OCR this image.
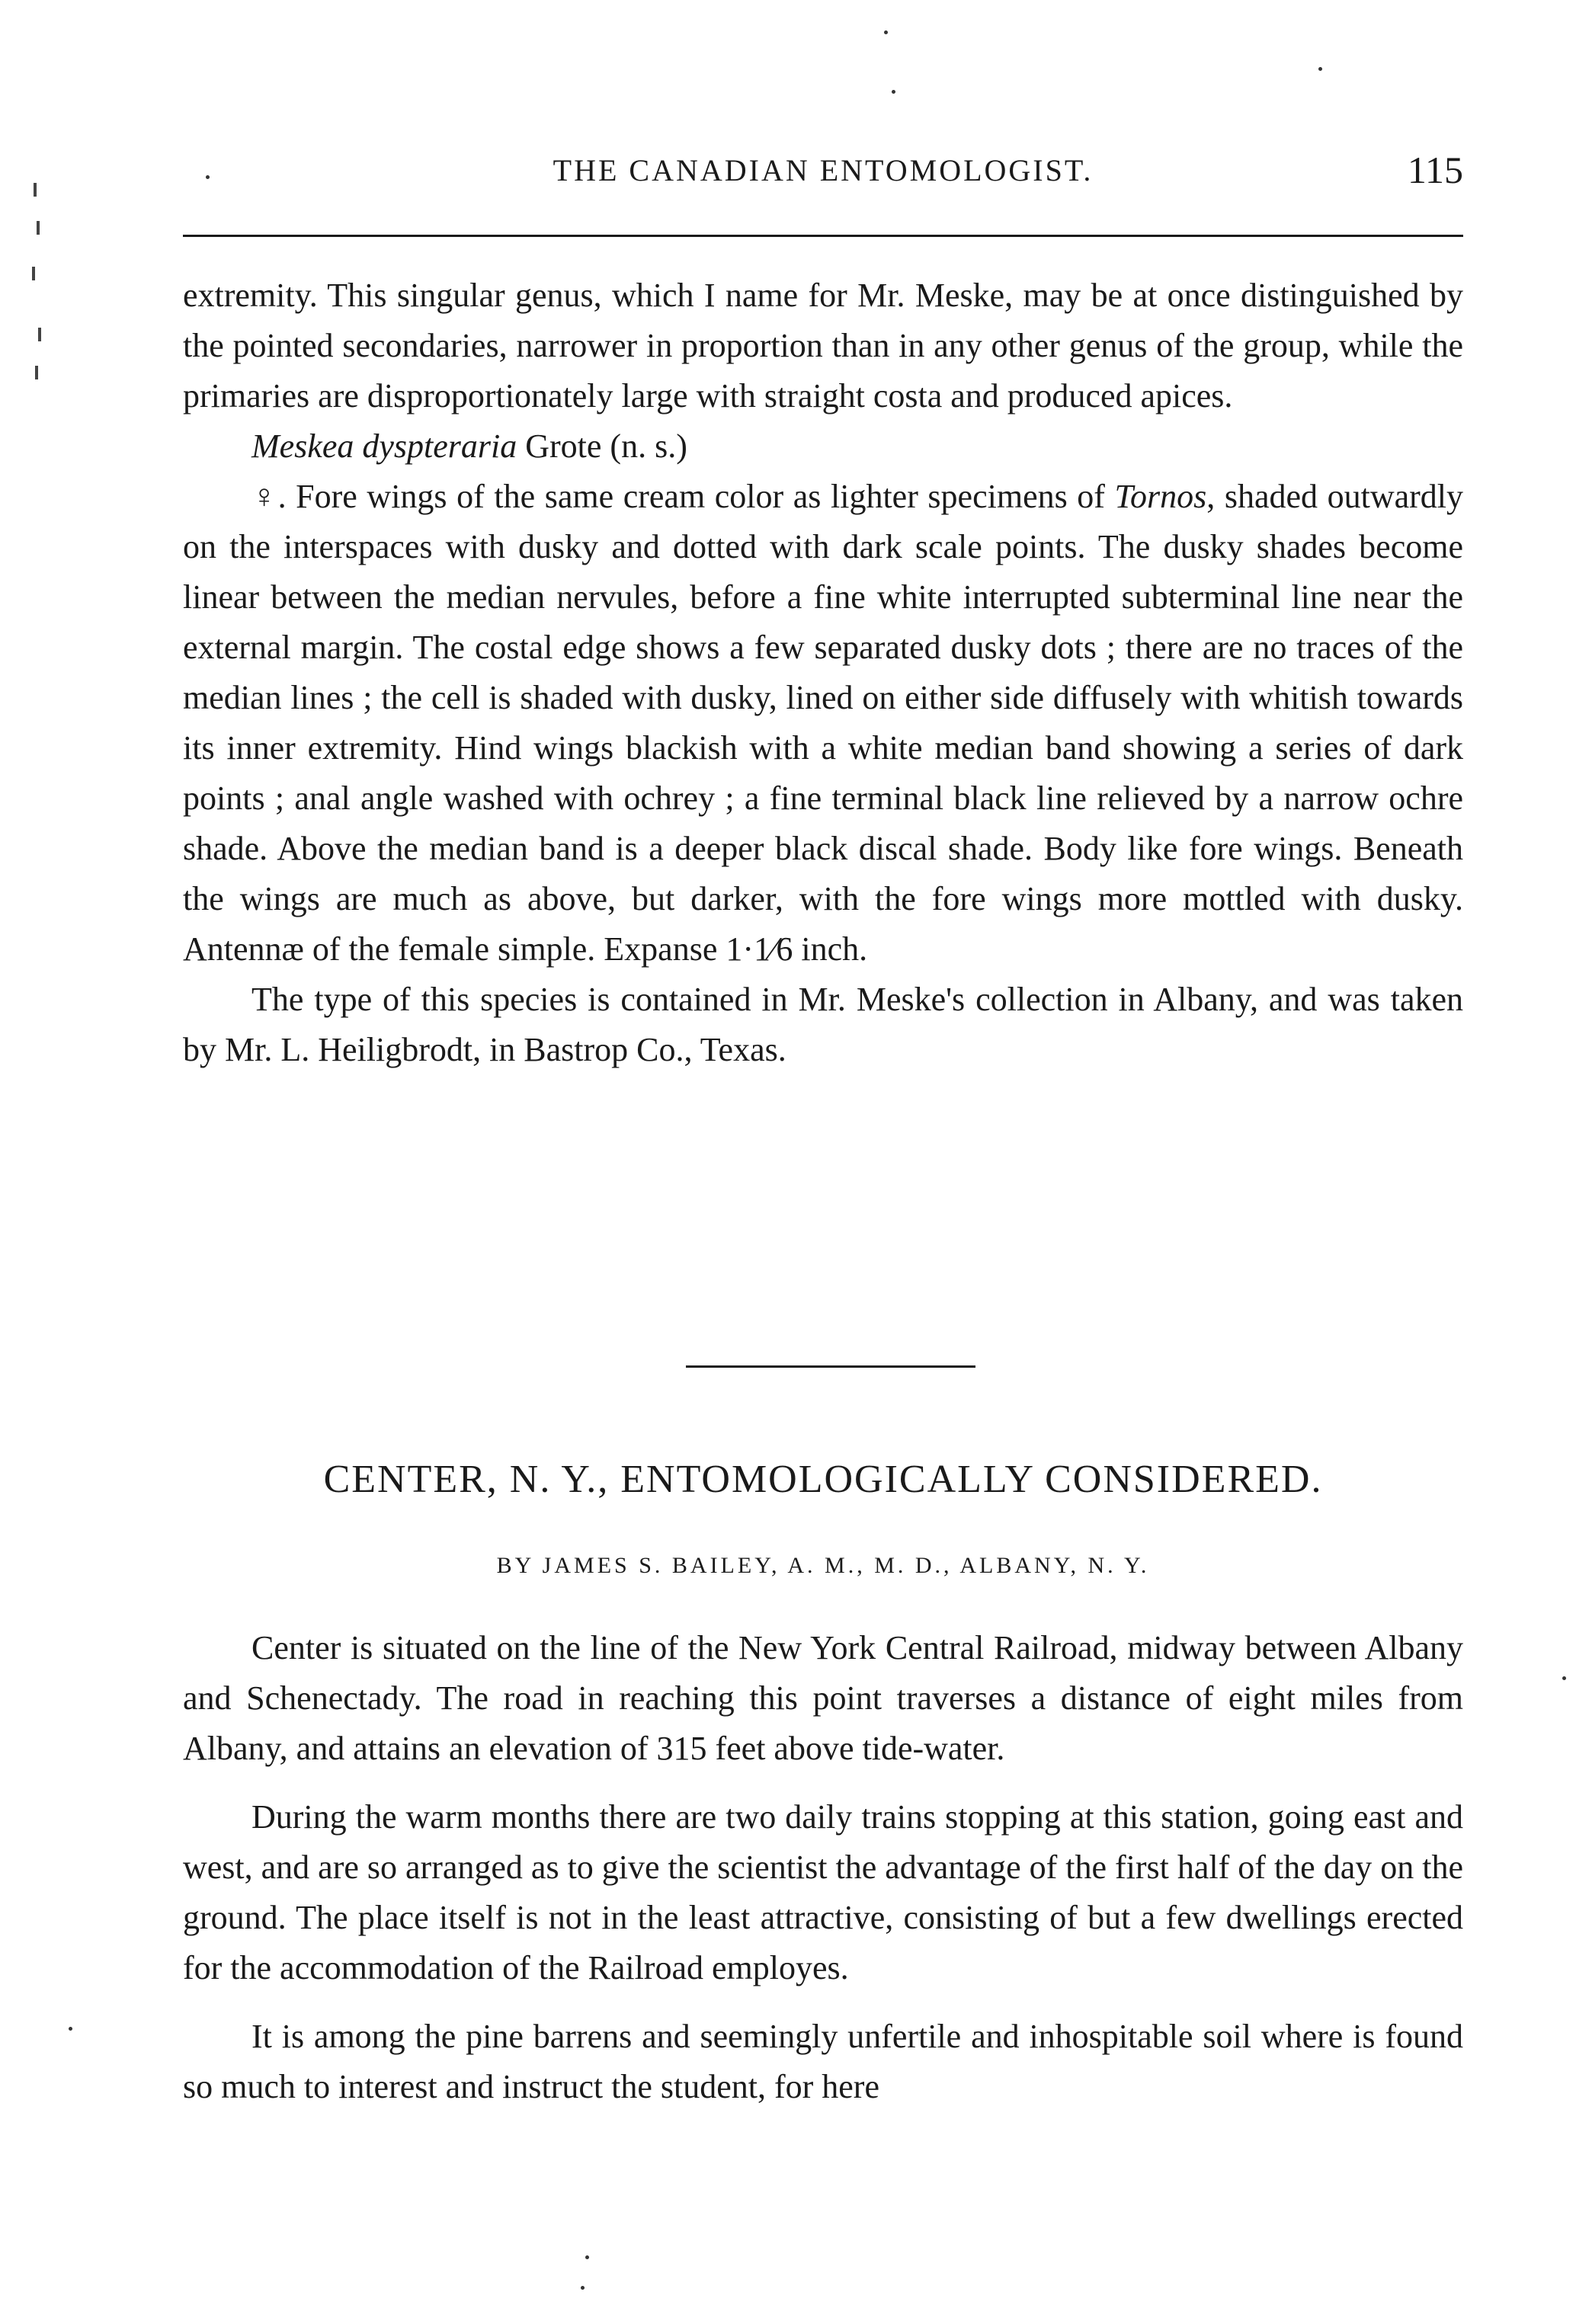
THE CANADIAN ENTOMOLOGIST.	115

extremity. This singular genus, which I name for Mr. Meske, may be at once distinguished by the pointed secondaries, narrower in proportion than in any other genus of the group, while the primaries are disproportionately large with straight costa and produced apices.

Meskea dyspteraria Grote (n. s.)

♀. Fore wings of the same cream color as lighter specimens of Tornos, shaded outwardly on the interspaces with dusky and dotted with dark scale points. The dusky shades become linear between the median nervules, before a fine white interrupted subterminal line near the external margin. The costal edge shows a few separated dusky dots ; there are no traces of the median lines ; the cell is shaded with dusky, lined on either side diffusely with whitish towards its inner extremity. Hind wings blackish with a white median band showing a series of dark points ; anal angle washed with ochrey ; a fine terminal black line relieved by a narrow ochre shade. Above the median band is a deeper black discal shade. Body like fore wings. Beneath the wings are much as above, but darker, with the fore wings more mottled with dusky. Antennæ of the female simple. Expanse 1·1⁄6 inch.

The type of this species is contained in Mr. Meske's collection in Albany, and was taken by Mr. L. Heiligbrodt, in Bastrop Co., Texas.

CENTER, N. Y., ENTOMOLOGICALLY CONSIDERED.
BY JAMES S. BAILEY, A. M., M. D., ALBANY, N. Y.

Center is situated on the line of the New York Central Railroad, midway between Albany and Schenectady. The road in reaching this point traverses a distance of eight miles from Albany, and attains an elevation of 315 feet above tide-water.

During the warm months there are two daily trains stopping at this station, going east and west, and are so arranged as to give the scientist the advantage of the first half of the day on the ground. The place itself is not in the least attractive, consisting of but a few dwellings erected for the accommodation of the Railroad employes.

It is among the pine barrens and seemingly unfertile and inhospitable soil where is found so much to interest and instruct the student, for here
